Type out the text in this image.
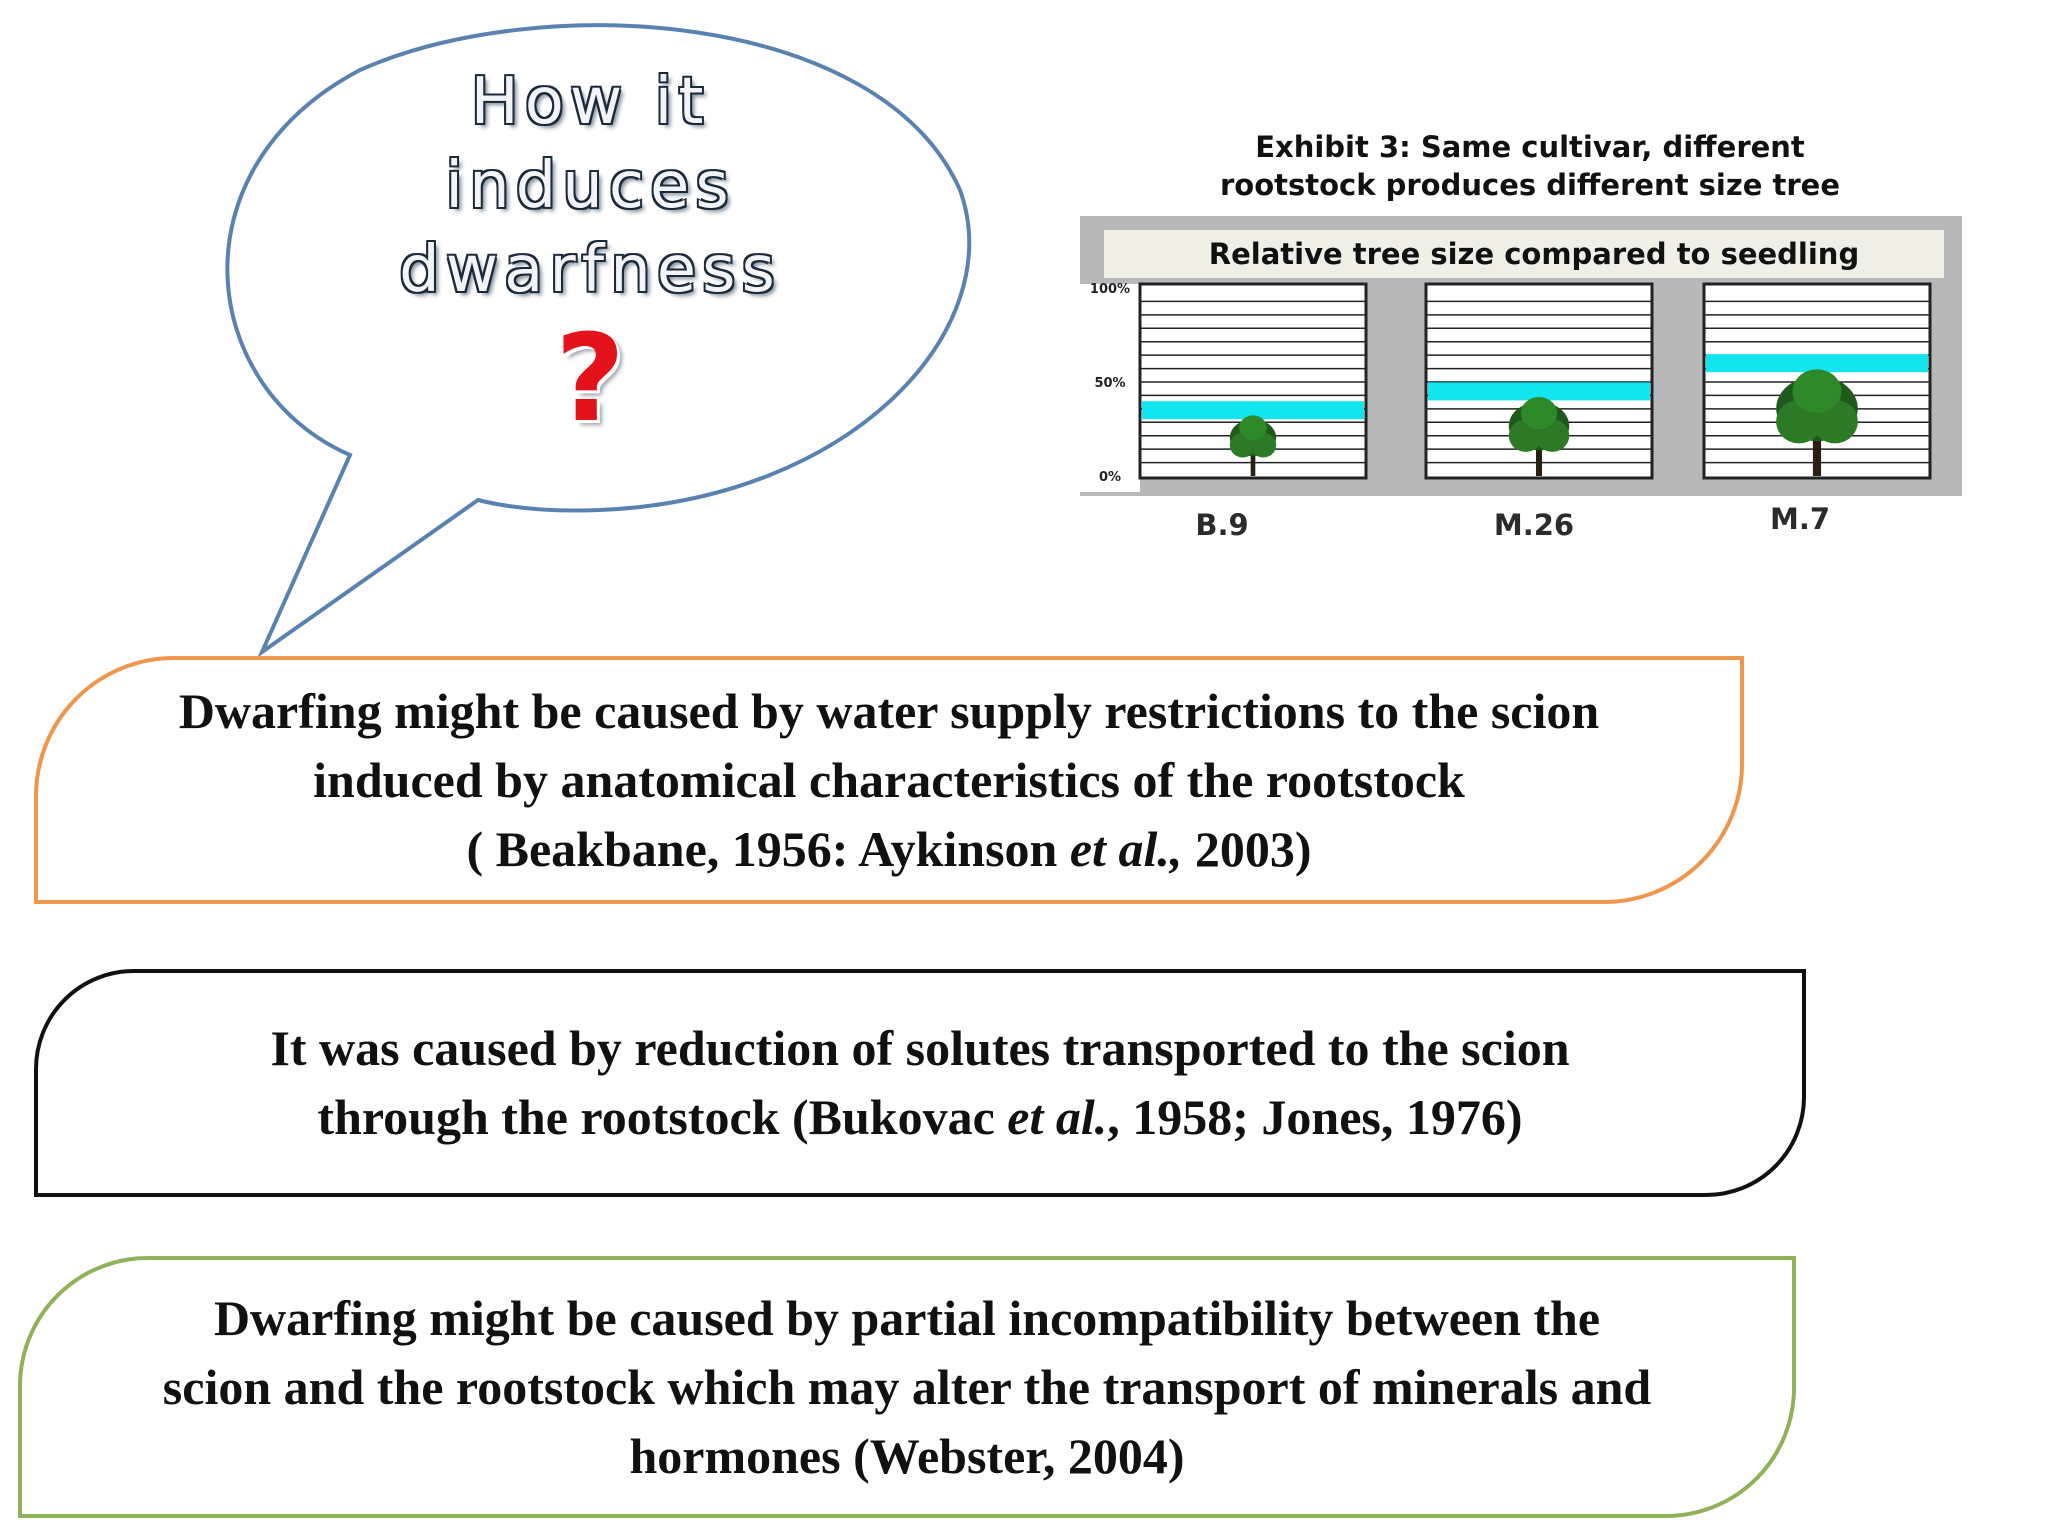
How it
induces
dwarfness
?
Exhibit 3: Same cultivar, different
rootstock produces different size tree
Relative tree size compared to seedling
100%
50%
0%
B.9	M.26	M.7
Dwarfing might be caused by water supply restrictions to the scion
induced by anatomical characteristics of the rootstock
( Beakbane, 1956: Aykinson et al., 2003)
It was caused by reduction of solutes transported to the scion
through the rootstock (Bukovac et al., 1958; Jones, 1976)
Dwarfing might be caused by partial incompatibility between the
scion and the rootstock which may alter the transport of minerals and
hormones (Webster, 2004)
